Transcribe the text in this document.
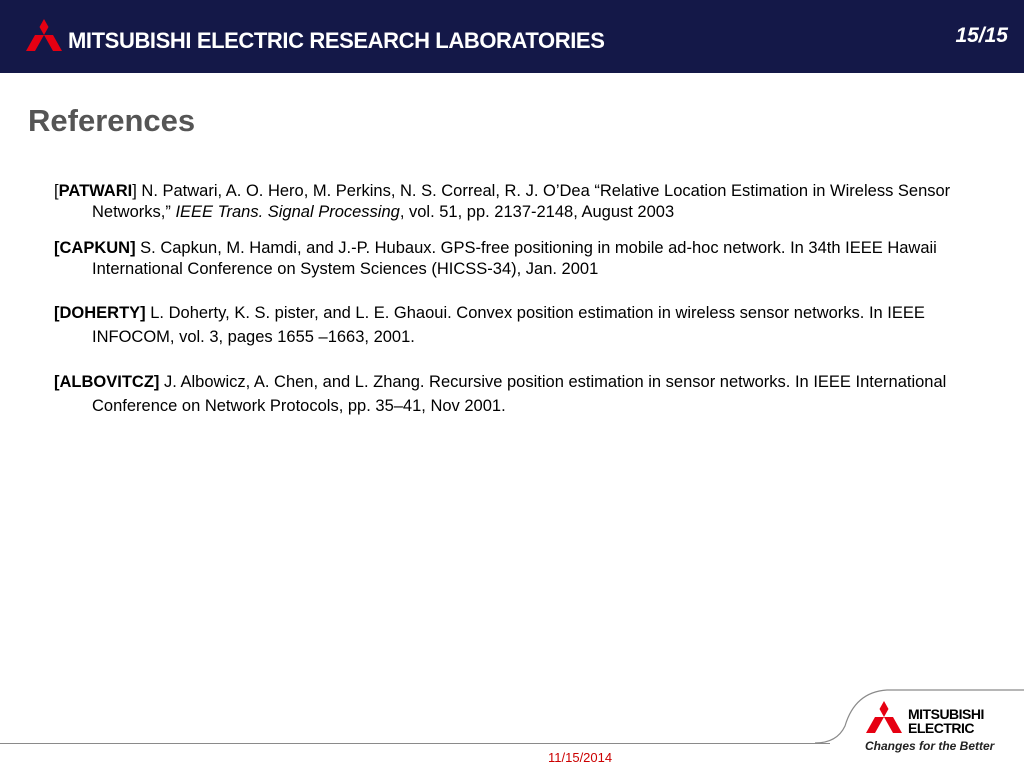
MITSUBISHI ELECTRIC RESEARCH LABORATORIES	15/15
References
[PATWARI] N. Patwari, A. O. Hero, M. Perkins, N. S. Correal, R. J. O’Dea “Relative Location Estimation in Wireless Sensor Networks,” IEEE Trans. Signal Processing, vol. 51, pp. 2137-2148, August 2003
[CAPKUN] S. Capkun, M. Hamdi, and J.-P. Hubaux. GPS-free positioning in mobile ad-hoc network. In 34th IEEE Hawaii International Conference on System Sciences (HICSS-34), Jan. 2001
[DOHERTY] L. Doherty, K. S. pister, and L. E. Ghaoui. Convex position estimation in wireless sensor networks. In IEEE INFOCOM, vol. 3, pages 1655 –1663, 2001.
[ALBOVITCZ] J. Albowicz, A. Chen, and L. Zhang. Recursive position estimation in sensor networks. In IEEE International Conference on Network Protocols, pp. 35–41, Nov 2001.
11/15/2014
MITSUBISHI
ELECTRIC
Changes for the Better
